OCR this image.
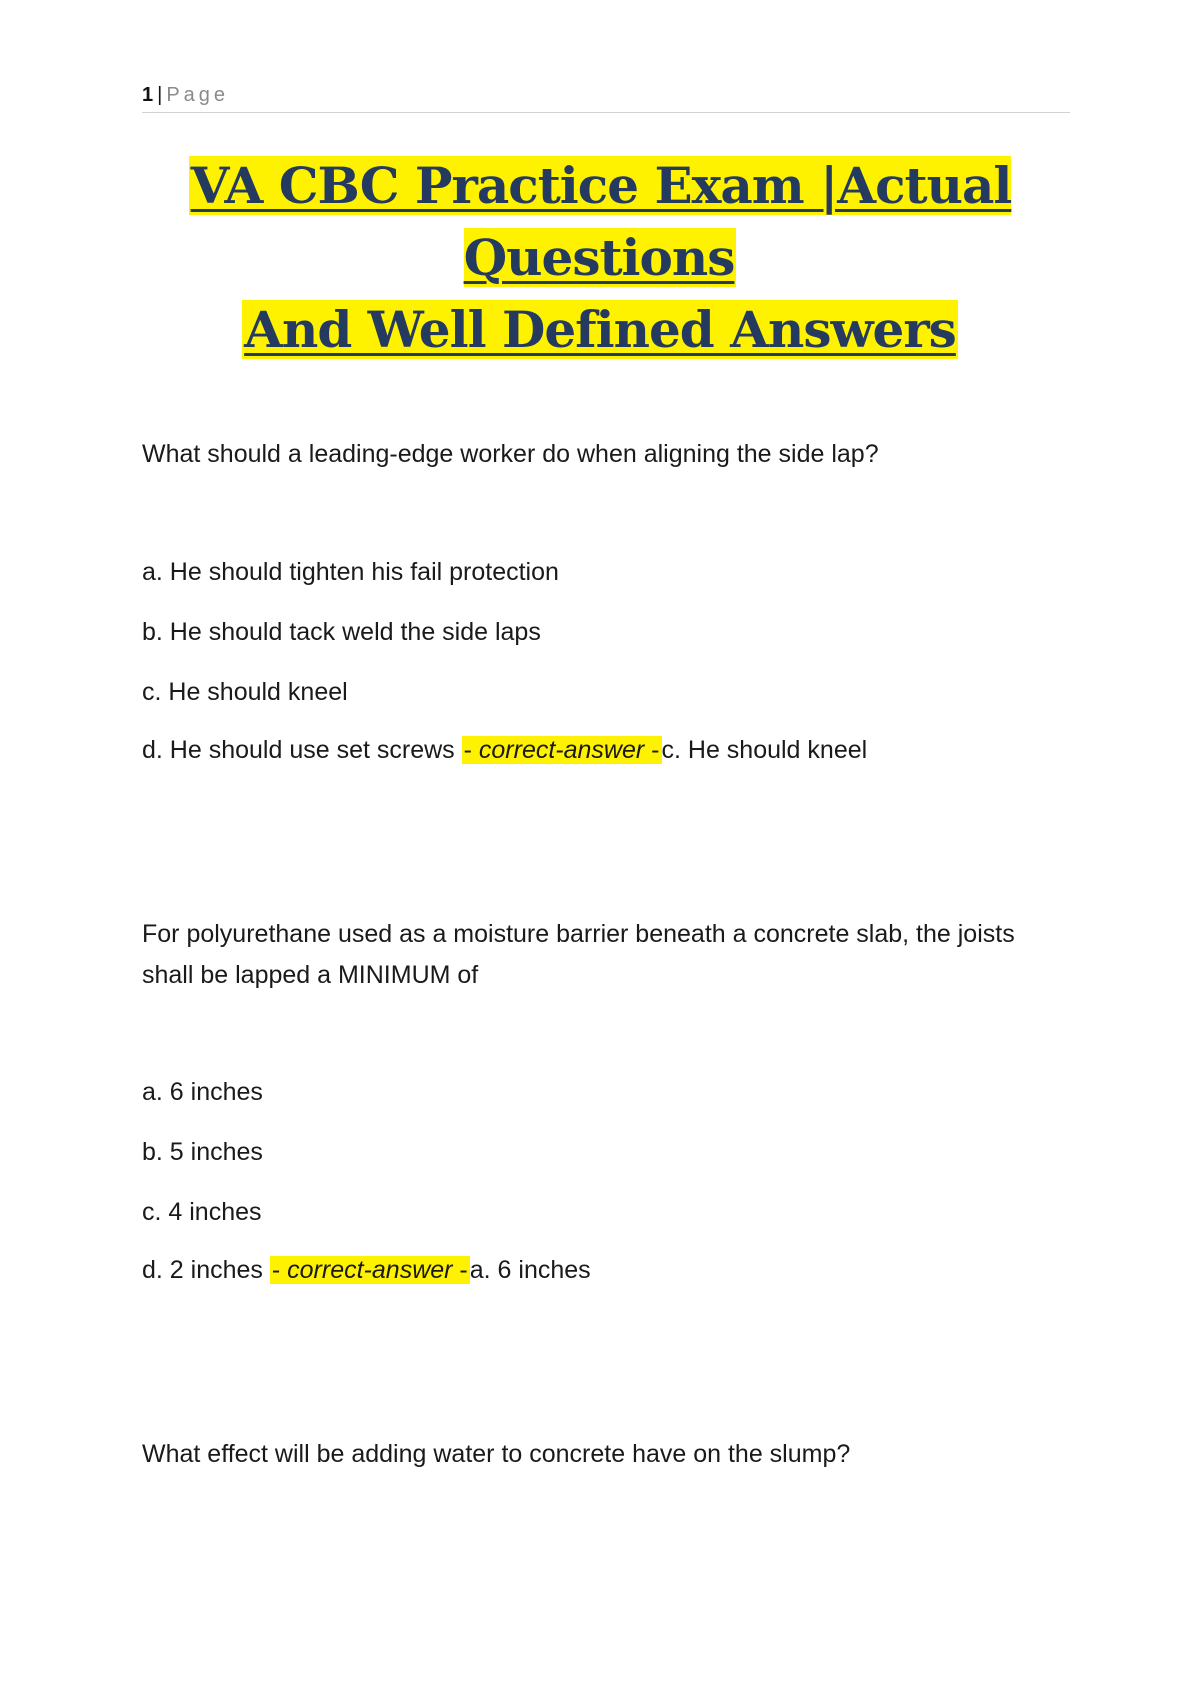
1 | Page
VA CBC Practice Exam |Actual Questions
And Well Defined Answers
What should a leading-edge worker do when aligning the side lap?
a. He should tighten his fail protection
b. He should tack weld the side laps
c. He should kneel
d. He should use set screws - correct-answer -c. He should kneel
For polyurethane used as a moisture barrier beneath a concrete slab, the joists
shall be lapped a MINIMUM of
a. 6 inches
b. 5 inches
c. 4 inches
d. 2 inches - correct-answer -a. 6 inches
What effect will be adding water to concrete have on the slump?
